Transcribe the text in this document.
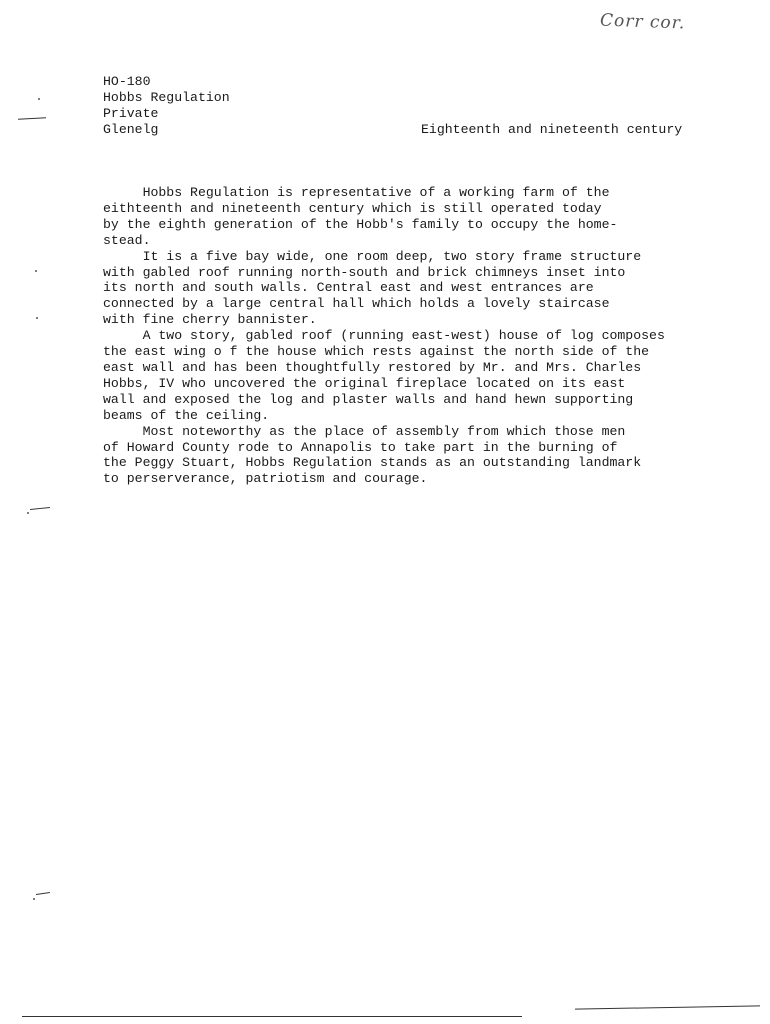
Corr cor.
HO-180
Hobbs Regulation
Private
Glenelg	Eighteenth and nineteenth century
Hobbs Regulation is representative of a working farm of the
eithteenth and nineteenth century which is still operated today
by the eighth generation of the Hobb's family to occupy the home-
stead.
It is a five bay wide, one room deep, two story frame structure
with gabled roof running north-south and brick chimneys inset into
its north and south walls. Central east and west entrances are
connected by a large central hall which holds a lovely staircase
with fine cherry bannister.
A two story, gabled roof (running east-west) house of log composes
the east wing o f the house which rests against the north side of the
east wall and has been thoughtfully restored by Mr. and Mrs. Charles
Hobbs, IV who uncovered the original fireplace located on its east
wall and exposed the log and plaster walls and hand hewn supporting
beams of the ceiling.
Most noteworthy as the place of assembly from which those men
of Howard County rode to Annapolis to take part in the burning of
the Peggy Stuart, Hobbs Regulation stands as an outstanding landmark
to perserverance, patriotism and courage.
